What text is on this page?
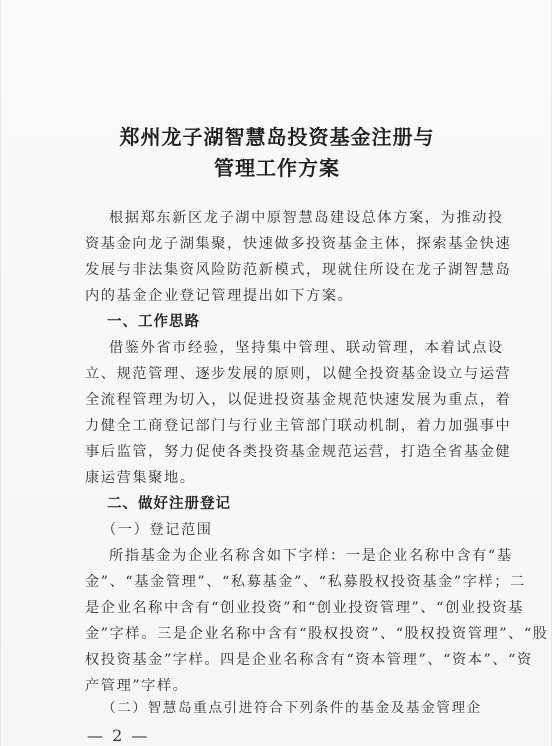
郑州龙子湖智慧岛投资基金注册与
管理工作方案
根据郑东新区龙子湖中原智慧岛建设总体方案，为推动投
资基金向龙子湖集聚，快速做多投资基金主体，探索基金快速
发展与非法集资风险防范新模式，现就住所设在龙子湖智慧岛
内的基金企业登记管理提出如下方案。
一、工作思路
借鉴外省市经验，坚持集中管理、联动管理，本着试点设
立、规范管理、逐步发展的原则，以健全投资基金设立与运营
全流程管理为切入，以促进投资基金规范快速发展为重点，着
力健全工商登记部门与行业主管部门联动机制，着力加强事中
事后监管，努力促使各类投资基金规范运营，打造全省基金健
康运营集聚地。
二、做好注册登记
（一）登记范围
所指基金为企业名称含如下字样：一是企业名称中含有“基
金”、“基金管理”、“私募基金”、“私募股权投资基金”字样；二
是企业名称中含有“创业投资”和“创业投资管理”、“创业投资基
金”字样。三是企业名称中含有“股权投资”、“股权投资管理”、“股
权投资基金”字样。四是企业名称含有“资本管理”、“资本”、“资
产管理”字样。
（二）智慧岛重点引进符合下列条件的基金及基金管理企
— 2 —
